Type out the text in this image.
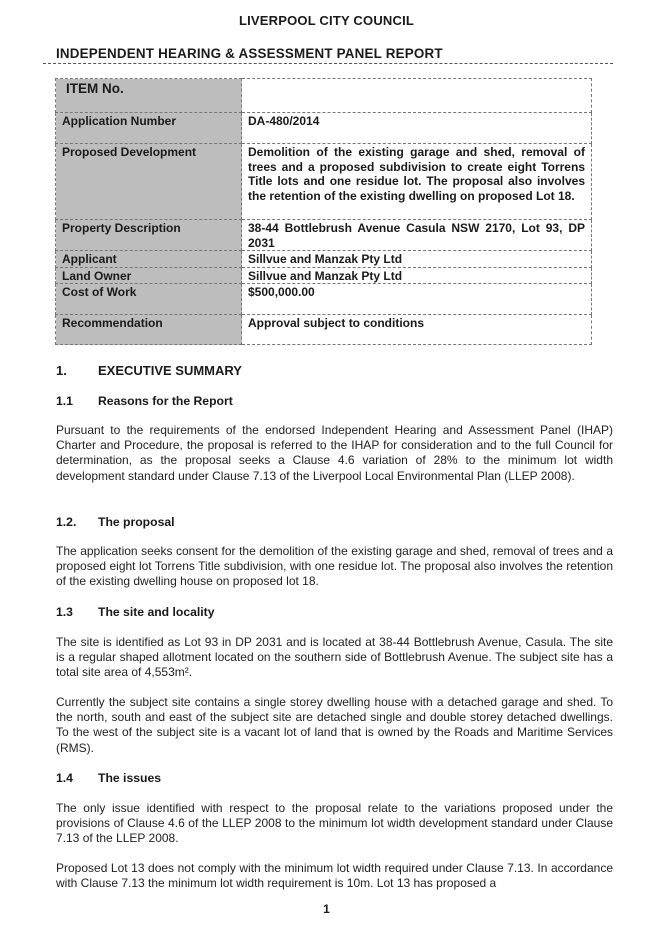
LIVERPOOL CITY COUNCIL
INDEPENDENT HEARING & ASSESSMENT PANEL REPORT
ITEM No.	
Application Number	DA-480/2014
Proposed Development	Demolition of the existing garage and shed, removal of trees and a proposed subdivision to create eight Torrens Title lots and one residue lot. The proposal also involves the retention of the existing dwelling on proposed Lot 18.
Property Description	38-44 Bottlebrush Avenue Casula NSW 2170, Lot 93, DP 2031
Applicant	Sillvue and Manzak Pty Ltd
Land Owner	Sillvue and Manzak Pty Ltd
Cost of Work	$500,000.00
Recommendation	Approval subject to conditions
1. EXECUTIVE SUMMARY
1.1 Reasons for the Report
Pursuant to the requirements of the endorsed Independent Hearing and Assessment Panel (IHAP) Charter and Procedure, the proposal is referred to the IHAP for consideration and to the full Council for determination, as the proposal seeks a Clause 4.6 variation of 28% to the minimum lot width development standard under Clause 7.13 of the Liverpool Local Environmental Plan (LLEP 2008).
1.2. The proposal
The application seeks consent for the demolition of the existing garage and shed, removal of trees and a proposed eight lot Torrens Title subdivision, with one residue lot. The proposal also involves the retention of the existing dwelling house on proposed lot 18.
1.3 The site and locality
The site is identified as Lot 93 in DP 2031 and is located at 38-44 Bottlebrush Avenue, Casula. The site is a regular shaped allotment located on the southern side of Bottlebrush Avenue. The subject site has a total site area of 4,553m².
Currently the subject site contains a single storey dwelling house with a detached garage and shed. To the north, south and east of the subject site are detached single and double storey detached dwellings. To the west of the subject site is a vacant lot of land that is owned by the Roads and Maritime Services (RMS).
1.4 The issues
The only issue identified with respect to the proposal relate to the variations proposed under the provisions of Clause 4.6 of the LLEP 2008 to the minimum lot width development standard under Clause 7.13 of the LLEP 2008.
Proposed Lot 13 does not comply with the minimum lot width required under Clause 7.13. In accordance with Clause 7.13 the minimum lot width requirement is 10m. Lot 13 has proposed a
1
